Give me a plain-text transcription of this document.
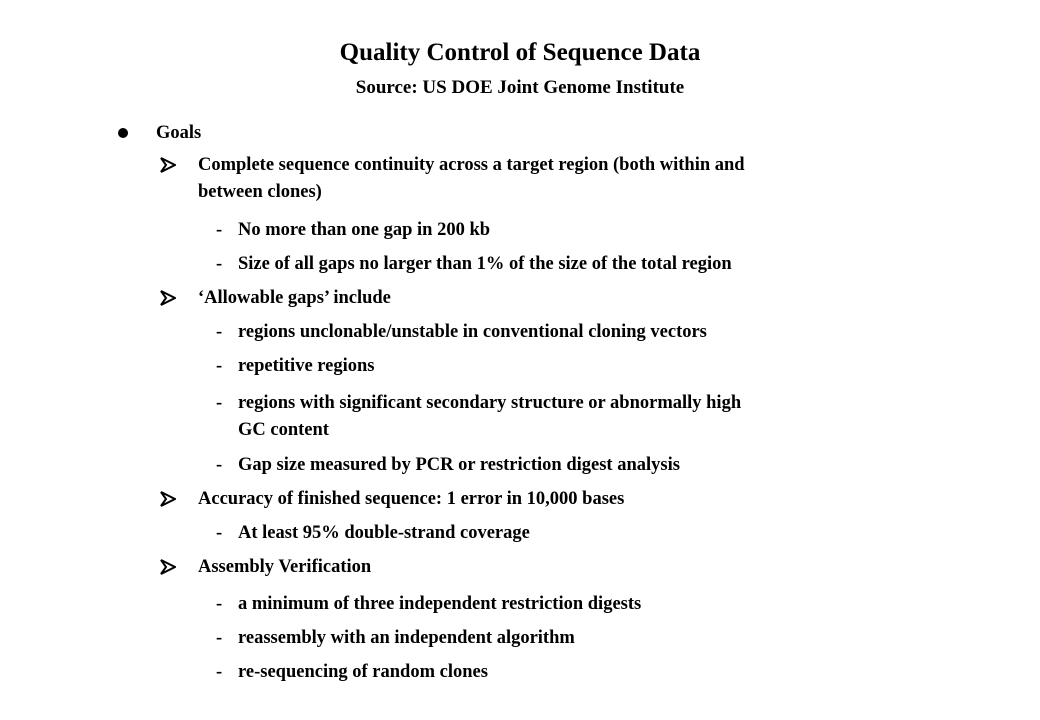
Quality Control of Sequence Data
Source: US DOE Joint Genome Institute
Goals
Complete sequence continuity across a target region (both within and
between clones)
- No more than one gap in 200 kb
- Size of all gaps no larger than 1% of the size of the total region
‘Allowable gaps’ include
- regions unclonable/unstable in conventional cloning vectors
- repetitive regions
- regions with significant secondary structure or abnormally high
GC content
- Gap size measured by PCR or restriction digest analysis
Accuracy of finished sequence: 1 error in 10,000 bases
- At least 95% double-strand coverage
Assembly Verification
- a minimum of three independent restriction digests
- reassembly with an independent algorithm
- re-sequencing of random clones
